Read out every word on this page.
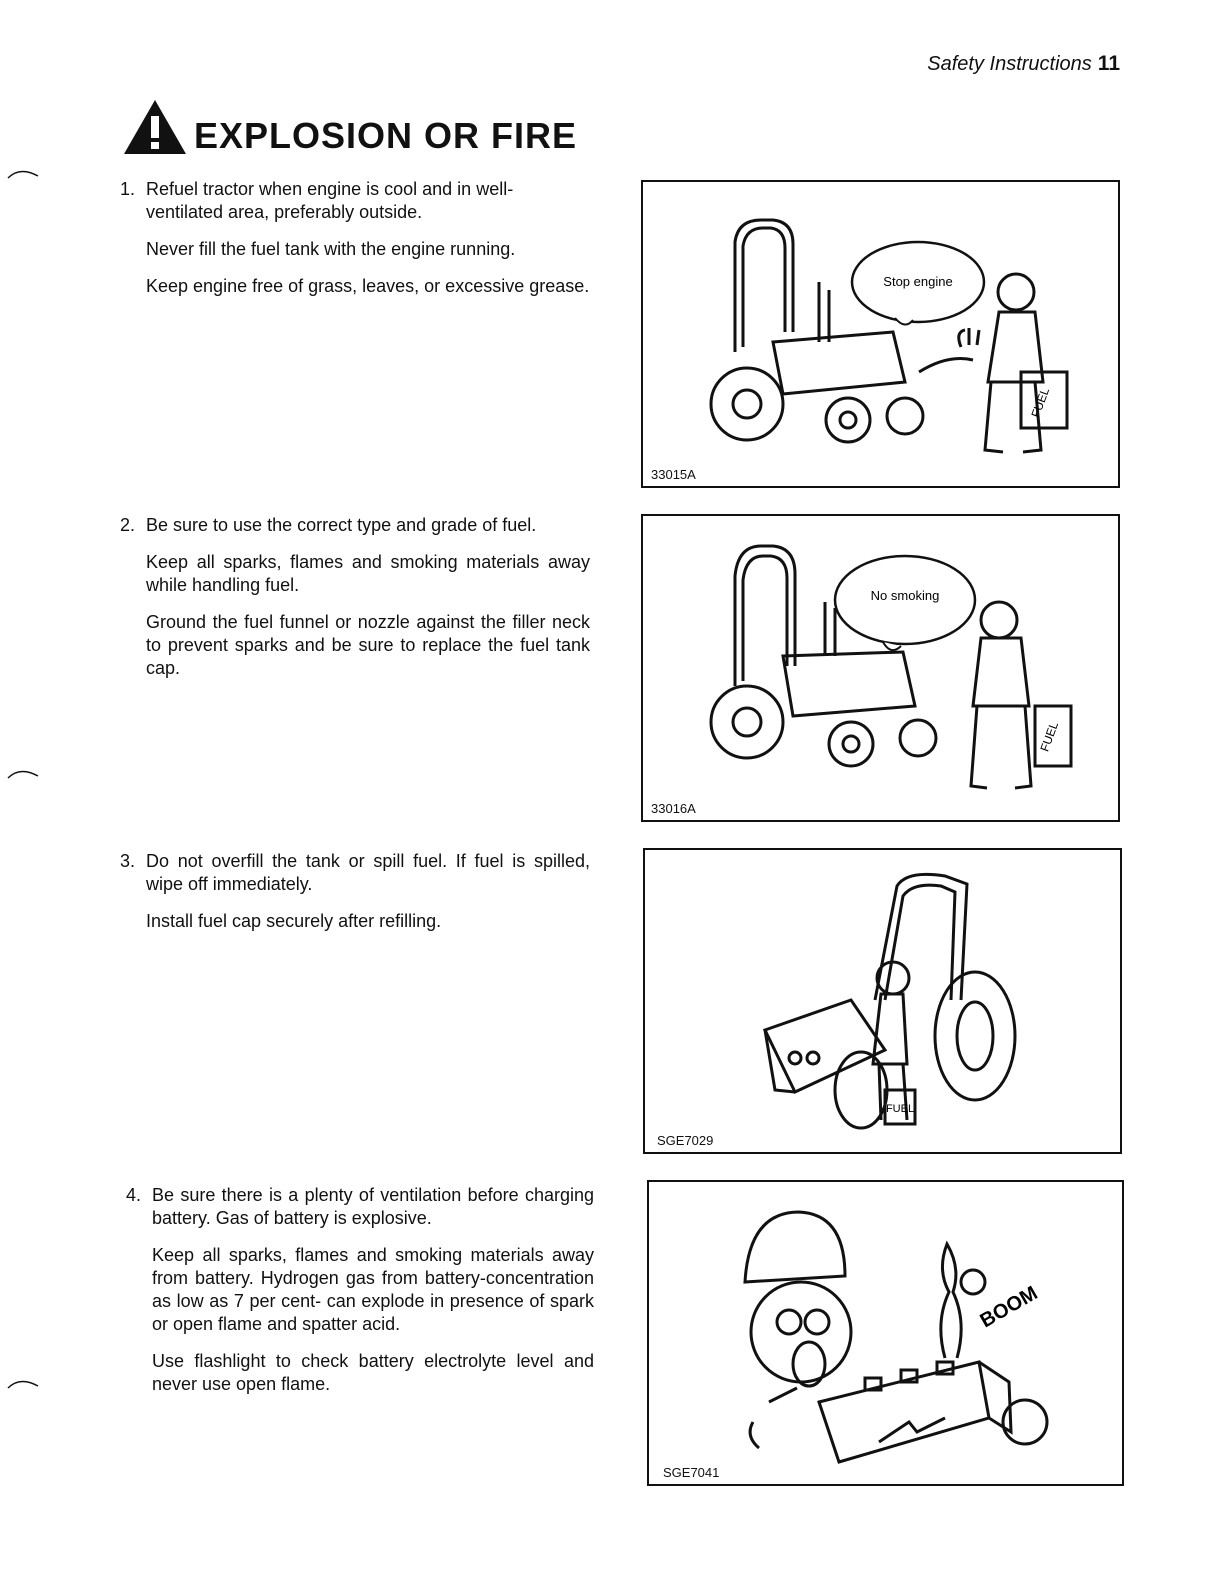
Safety Instructions 11
EXPLOSION OR FIRE

1. Refuel tractor when engine is cool and in well-ventilated area, preferably outside.

Never fill the fuel tank with the engine running.

Keep engine free of grass, leaves, or excessive grease.

2. Be sure to use the correct type and grade of fuel.

Keep all sparks, flames and smoking materials away while handling fuel.

Ground the fuel funnel or nozzle against the filler neck to prevent sparks and be sure to replace the fuel tank cap.

3. Do not overfill the tank or spill fuel. If fuel is spilled, wipe off immediately.

Install fuel cap securely after refilling.

4. Be sure there is a plenty of ventilation before charging battery. Gas of battery is explosive.

Keep all sparks, flames and smoking materials away from battery. Hydrogen gas from battery-concentration as low as 7 per cent- can explode in presence of spark or open flame and spatter acid.

Use flashlight to check battery electrolyte level and never use open flame.

Stop engine
FUEL
33015A
No smoking
FUEL
33016A
FUEL
SGE7029
BOOM
SGE7041
